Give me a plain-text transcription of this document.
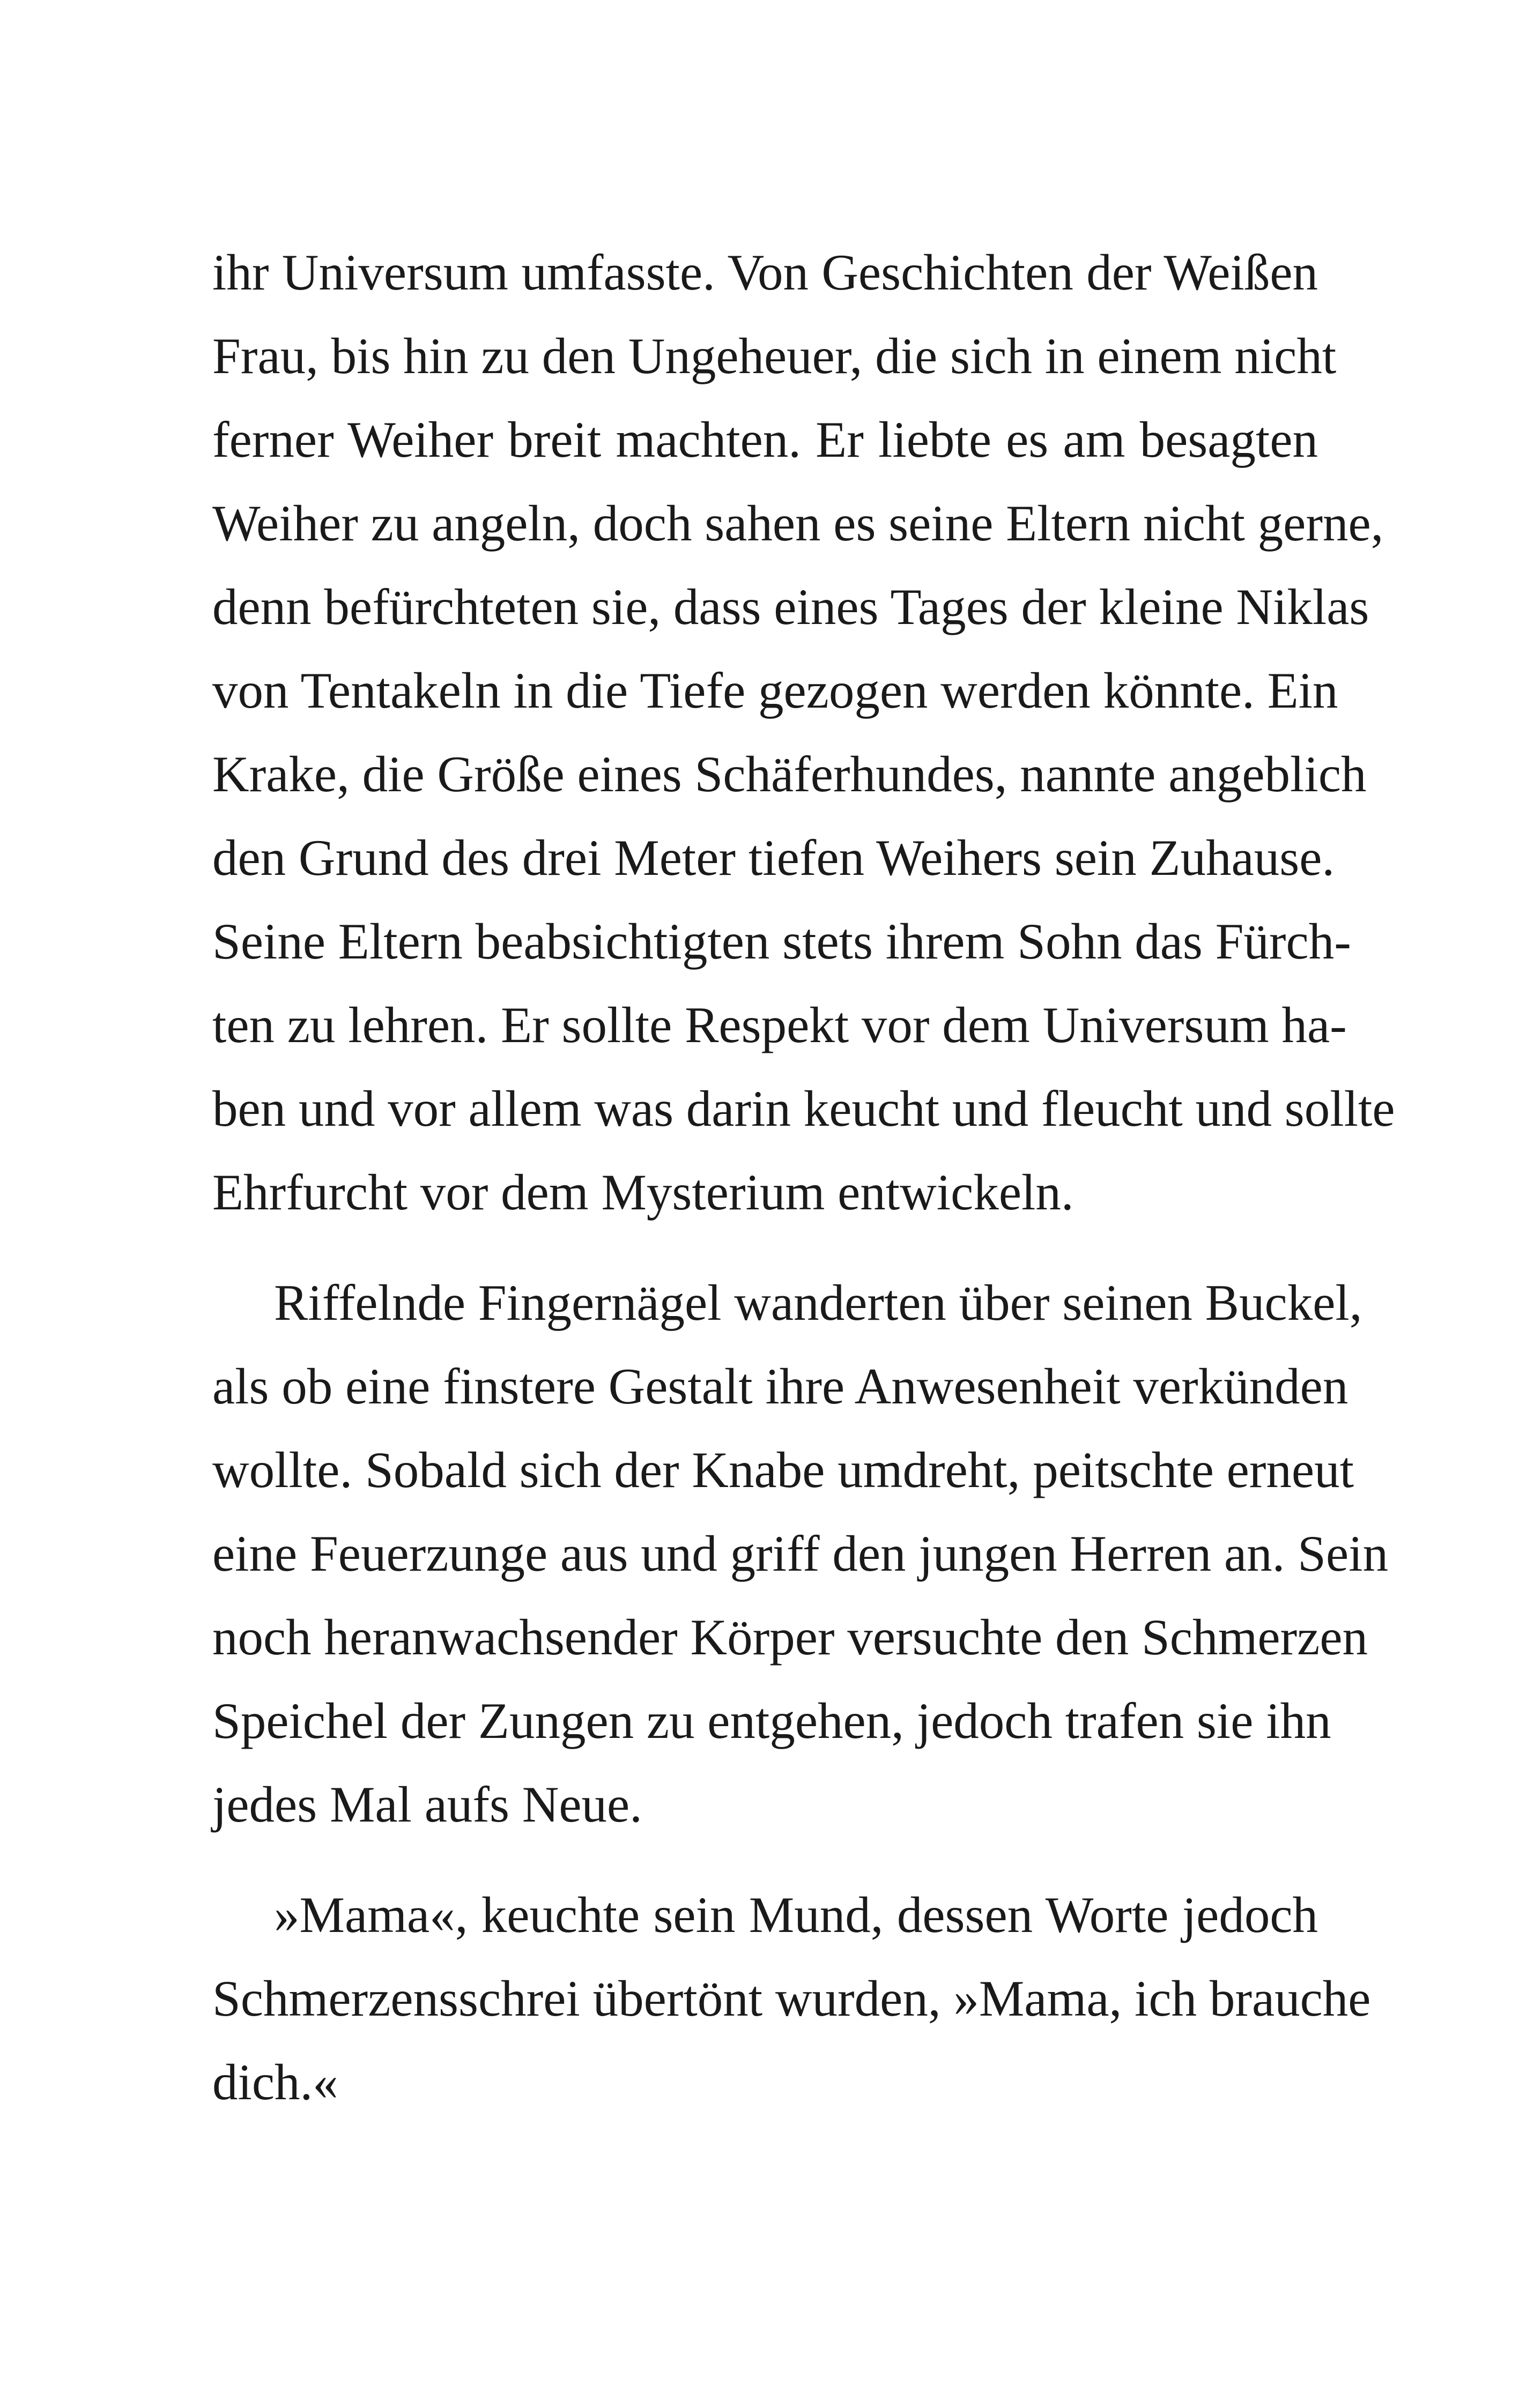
ihr Universum umfasste. Von Geschichten der Weißen
Frau, bis hin zu den Ungeheuer, die sich in einem nicht
ferner Weiher breit machten. Er liebte es am besagten
Weiher zu angeln, doch sahen es seine Eltern nicht gerne,
denn befürchteten sie, dass eines Tages der kleine Niklas
von Tentakeln in die Tiefe gezogen werden könnte. Ein
Krake, die Größe eines Schäferhundes, nannte angeblich
den Grund des drei Meter tiefen Weihers sein Zuhause.
Seine Eltern beabsichtigten stets ihrem Sohn das Fürch-
ten zu lehren. Er sollte Respekt vor dem Universum ha-
ben und vor allem was darin keucht und fleucht und sollte
Ehrfurcht vor dem Mysterium entwickeln.

Riffelnde Fingernägel wanderten über seinen Buckel,
als ob eine finstere Gestalt ihre Anwesenheit verkünden
wollte. Sobald sich der Knabe umdreht, peitschte erneut
eine Feuerzunge aus und griff den jungen Herren an. Sein
noch heranwachsender Körper versuchte den Schmerzen
Speichel der Zungen zu entgehen, jedoch trafen sie ihn
jedes Mal aufs Neue.

»Mama«, keuchte sein Mund, dessen Worte jedoch
Schmerzensschrei übertönt wurden, »Mama, ich brauche
dich.«
